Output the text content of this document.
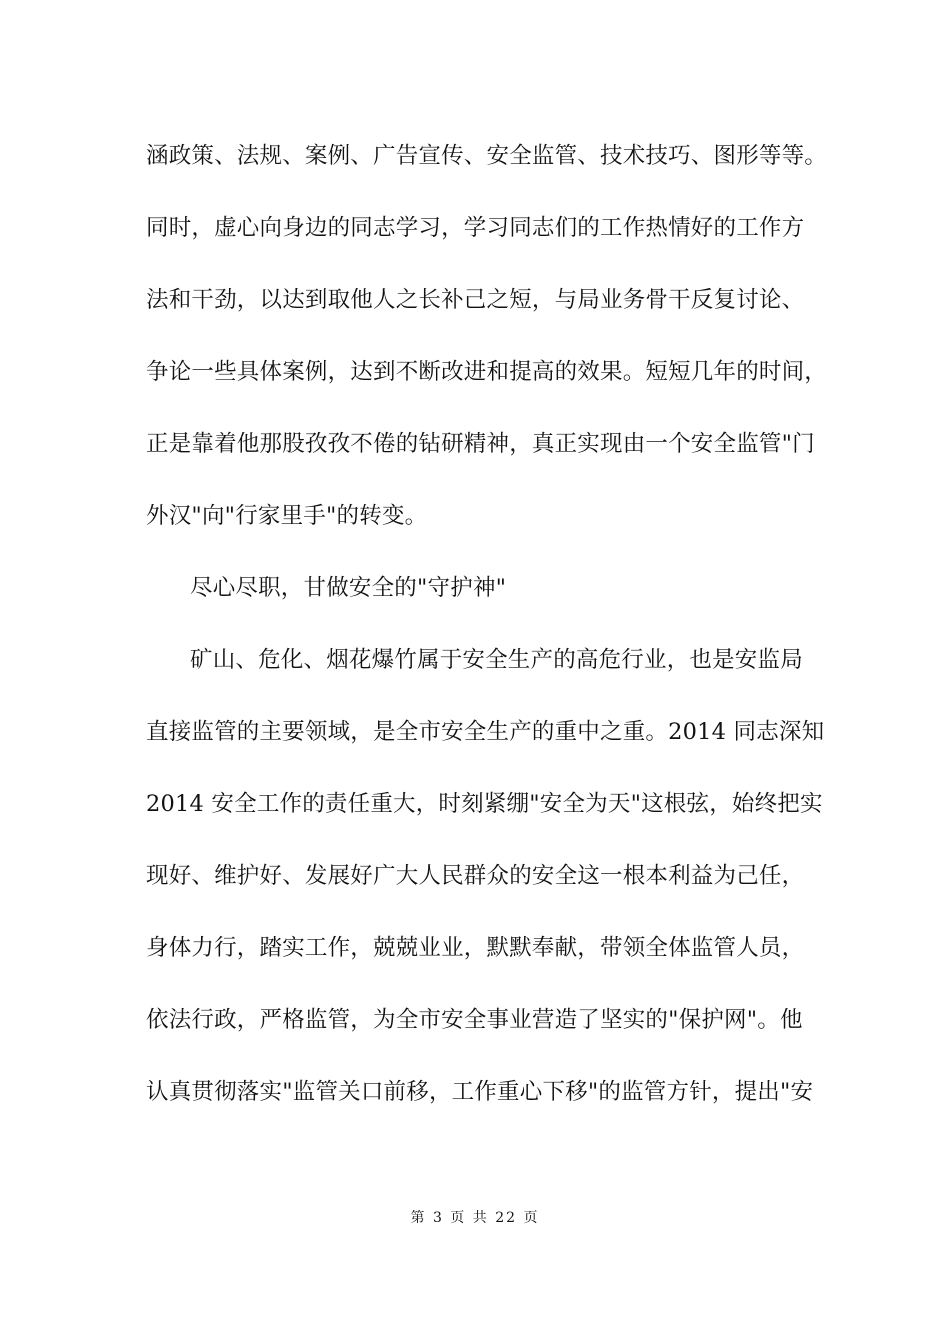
涵政策、法规、案例、广告宣传、安全监管、技术技巧、图形等等。
同时，虚心向身边的同志学习，学习同志们的工作热情好的工作方
法和干劲，以达到取他人之长补己之短，与局业务骨干反复讨论、
争论一些具体案例，达到不断改进和提高的效果。短短几年的时间，
正是靠着他那股孜孜不倦的钻研精神，真正实现由一个安全监管"门
外汉"向"行家里手"的转变。
尽心尽职，甘做安全的"守护神"
矿山、危化、烟花爆竹属于安全生产的高危行业，也是安监局
直接监管的主要领域，是全市安全生产的重中之重。2014 同志深知
2014 安全工作的责任重大，时刻紧绷"安全为天"这根弦，始终把实
现好、维护好、发展好广大人民群众的安全这一根本利益为己任，
身体力行，踏实工作，兢兢业业，默默奉献，带领全体监管人员，
依法行政，严格监管，为全市安全事业营造了坚实的"保护网"。他
认真贯彻落实"监管关口前移，工作重心下移"的监管方针，提出"安
第 3 页 共 22 页
